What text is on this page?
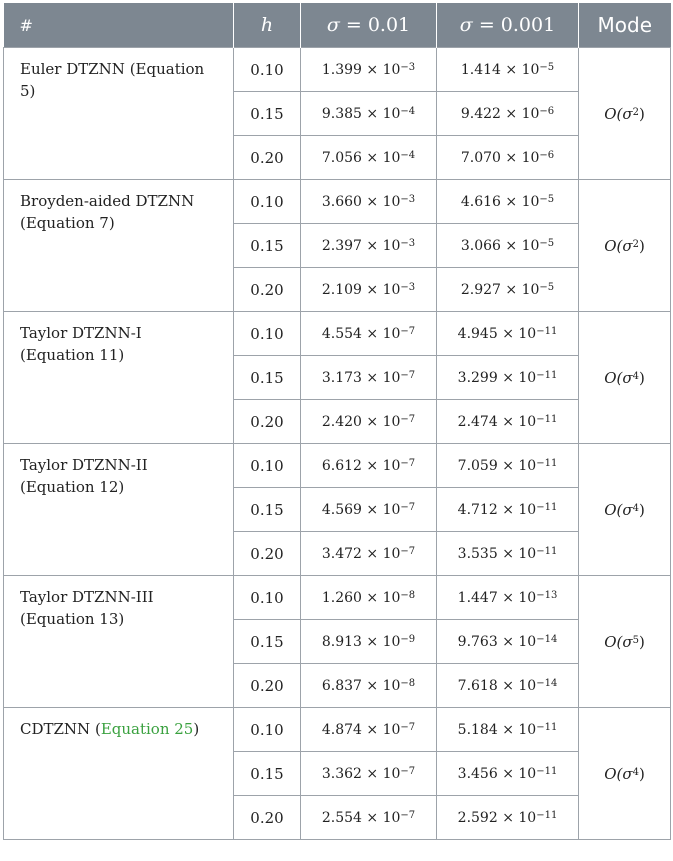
#	h	σ = 0.01	σ = 0.001	Mode
Euler DTZNN (Equation 5)	0.10	$1.399 \times 10^{-3}$	$1.414 \times 10^{-5}$	$O(\sigma^2)$
	0.15	$9.385 \times 10^{-4}$	$9.422 \times 10^{-6}$
	0.20	$7.056 \times 10^{-4}$	$7.070 \times 10^{-6}$
Broyden-aided DTZNN (Equation 7)	0.10	$3.660 \times 10^{-3}$	$4.616 \times 10^{-5}$	$O(\sigma^2)$
	0.15	$2.397 \times 10^{-3}$	$3.066 \times 10^{-5}$
	0.20	$2.109 \times 10^{-3}$	$2.927 \times 10^{-5}$
Taylor DTZNN-I (Equation 11)	0.10	$4.554 \times 10^{-7}$	$4.945 \times 10^{-11}$	$O(\sigma^4)$
	0.15	$3.173 \times 10^{-7}$	$3.299 \times 10^{-11}$
	0.20	$2.420 \times 10^{-7}$	$2.474 \times 10^{-11}$
Taylor DTZNN-II (Equation 12)	0.10	$6.612 \times 10^{-7}$	$7.059 \times 10^{-11}$	$O(\sigma^4)$
	0.15	$4.569 \times 10^{-7}$	$4.712 \times 10^{-11}$
	0.20	$3.472 \times 10^{-7}$	$3.535 \times 10^{-11}$
Taylor DTZNN-III (Equation 13)	0.10	$1.260 \times 10^{-8}$	$1.447 \times 10^{-13}$	$O(\sigma^5)$
	0.15	$8.913 \times 10^{-9}$	$9.763 \times 10^{-14}$
	0.20	$6.837 \times 10^{-8}$	$7.618 \times 10^{-14}$
CDTZNN (Equation 25)	0.10	$4.874 \times 10^{-7}$	$5.184 \times 10^{-11}$	$O(\sigma^4)$
	0.15	$3.362 \times 10^{-7}$	$3.456 \times 10^{-11}$
	0.20	$2.554 \times 10^{-7}$	$2.592 \times 10^{-11}$
